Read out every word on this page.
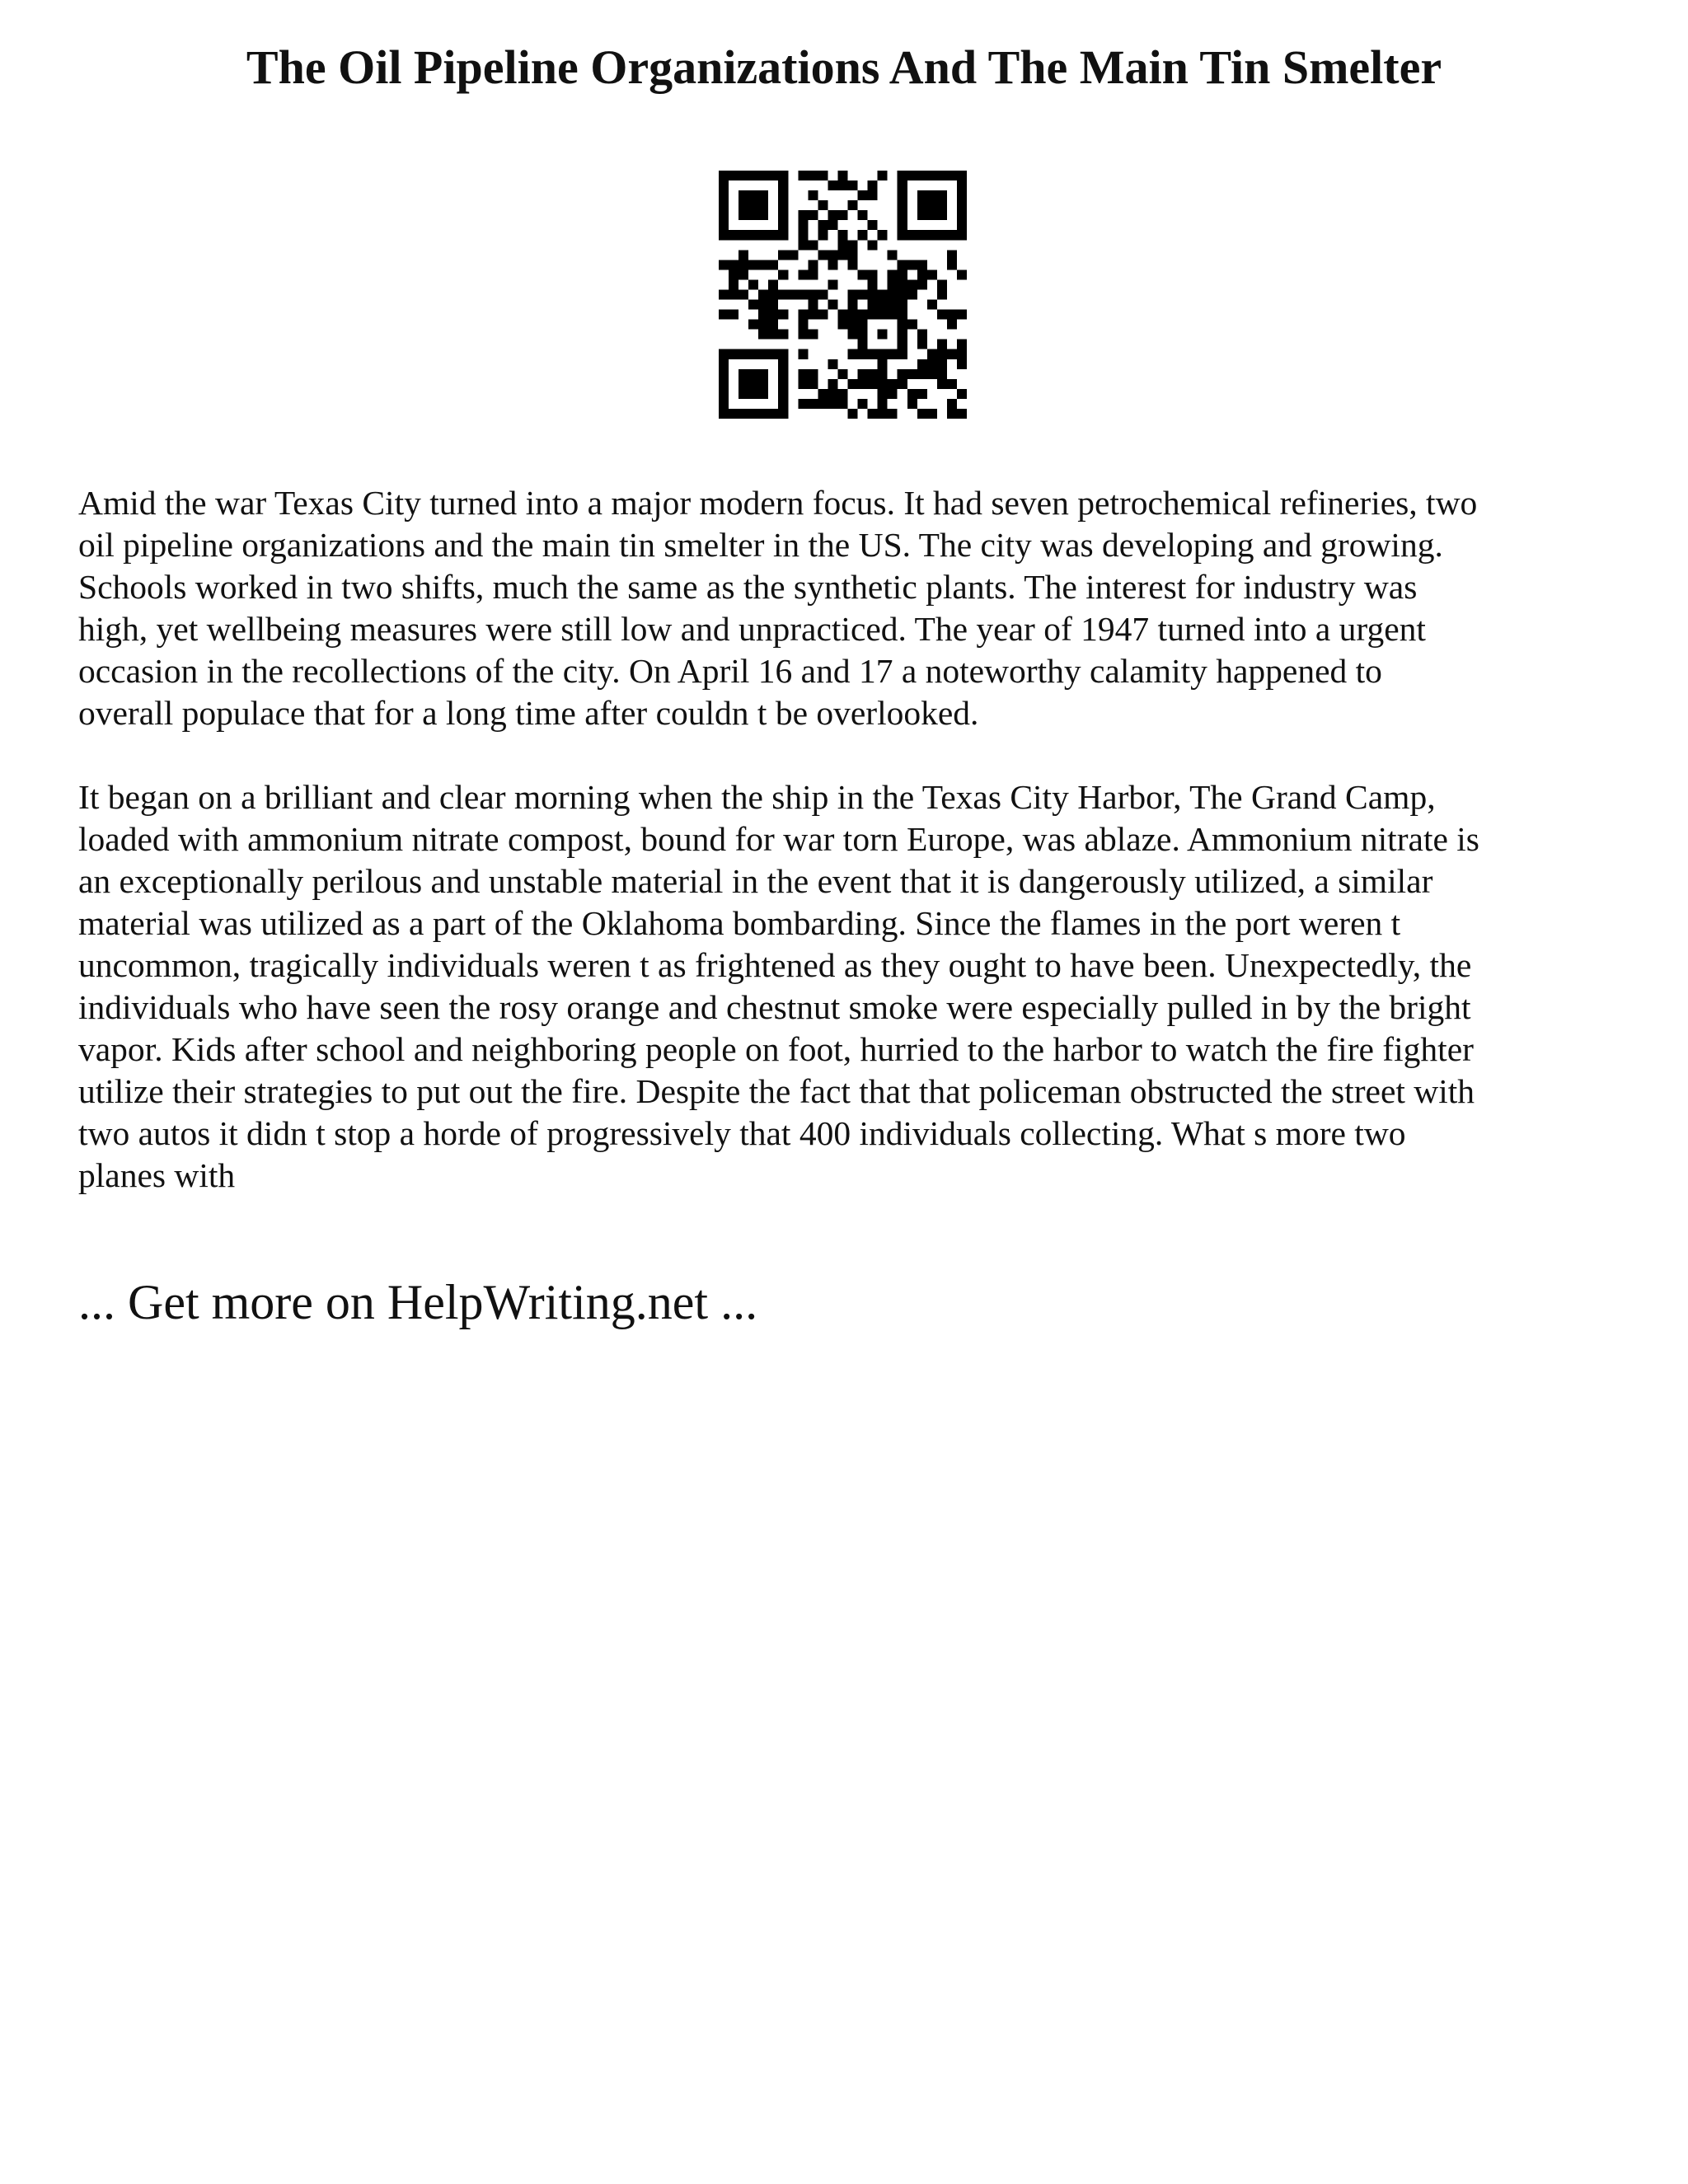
The Oil Pipeline Organizations And The Main Tin Smelter

Amid the war Texas City turned into a major modern focus. It had seven petrochemical refineries, two
oil pipeline organizations and the main tin smelter in the US. The city was developing and growing.
Schools worked in two shifts, much the same as the synthetic plants. The interest for industry was
high, yet wellbeing measures were still low and unpracticed. The year of 1947 turned into a urgent
occasion in the recollections of the city. On April 16 and 17 a noteworthy calamity happened to
overall populace that for a long time after couldn t be overlooked.

It began on a brilliant and clear morning when the ship in the Texas City Harbor, The Grand Camp,
loaded with ammonium nitrate compost, bound for war torn Europe, was ablaze. Ammonium nitrate is
an exceptionally perilous and unstable material in the event that it is dangerously utilized, a similar
material was utilized as a part of the Oklahoma bombarding. Since the flames in the port weren t
uncommon, tragically individuals weren t as frightened as they ought to have been. Unexpectedly, the
individuals who have seen the rosy orange and chestnut smoke were especially pulled in by the bright
vapor. Kids after school and neighboring people on foot, hurried to the harbor to watch the fire fighter
utilize their strategies to put out the fire. Despite the fact that that policeman obstructed the street with
two autos it didn t stop a horde of progressively that 400 individuals collecting. What s more two
planes with

... Get more on HelpWriting.net ...
